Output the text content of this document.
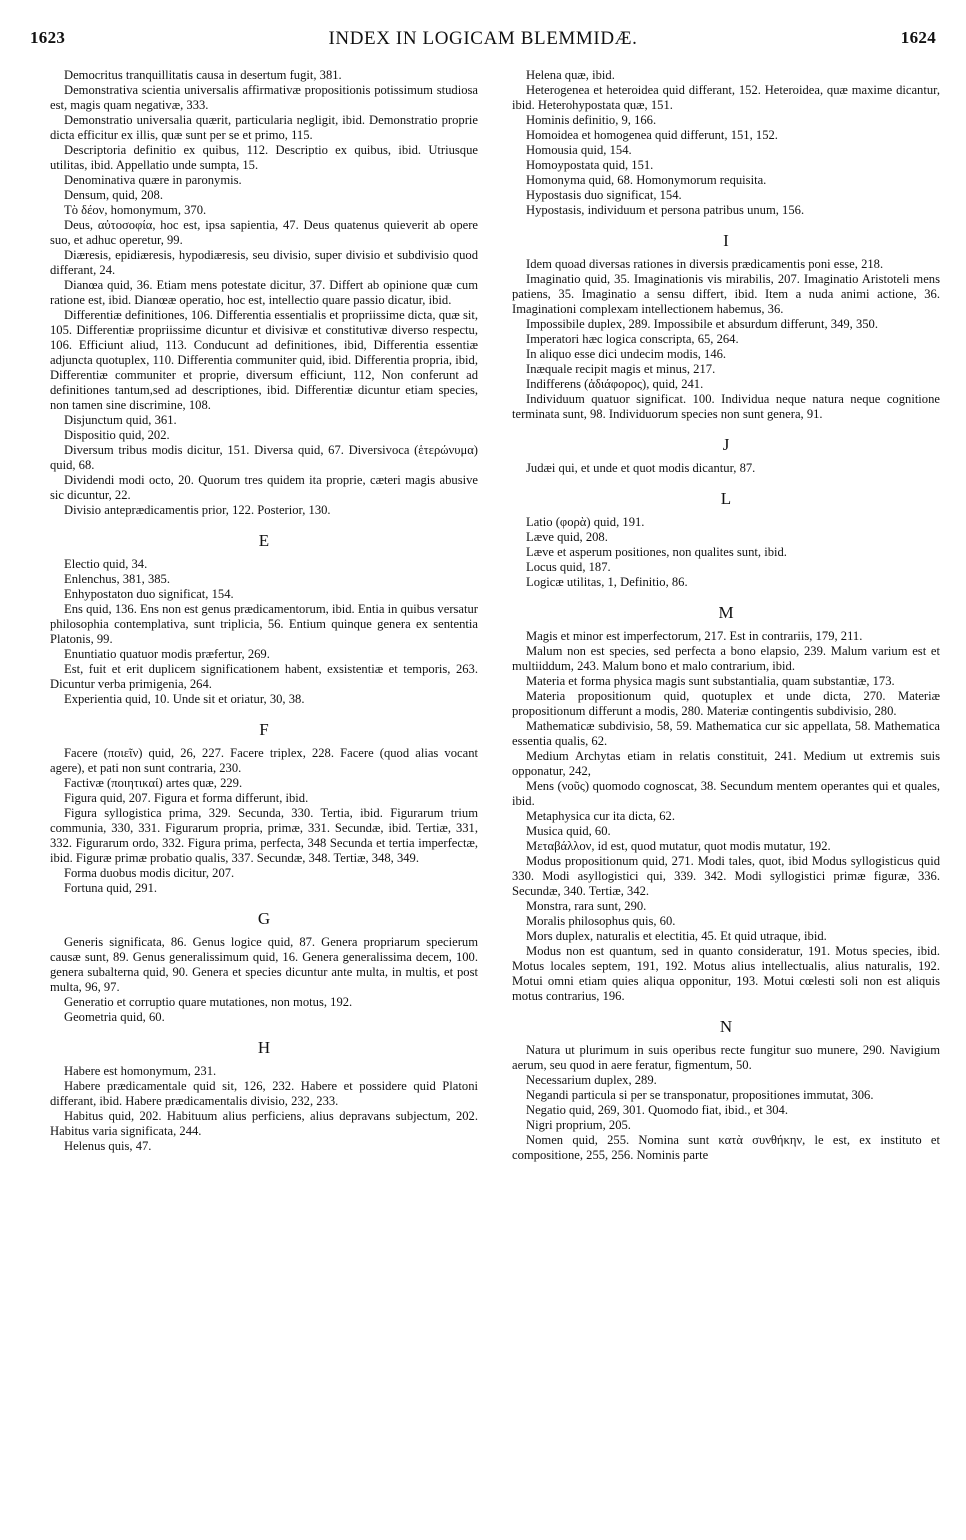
1623	INDEX IN LOGICAM BLEMMIDÆ.	1624

Democritus tranquillitatis causa in desertum fugit, 381.

Demonstrativa scientia universalis affirmativæ propositionis potissimum studiosa est, magis quam negativæ, 333.

Demonstratio universalia quærit, particularia negligit, ibid. Demonstratio proprie dicta efficitur ex illis, quæ sunt per se et primo, 115.

Descriptoria definitio ex quibus, 112. Descriptio ex quibus, ibid. Utriusque utilitas, ibid. Appellatio unde sumpta, 15.

Denominativa quære in paronymis.

Densum, quid, 208.

Τὸ δέον, homonymum, 370.

Deus, αὐτοσοφία, hoc est, ipsa sapientia, 47. Deus quatenus quieverit ab opere suo, et adhuc operetur, 99.

Diæresis, epidiæresis, hypodiæresis, seu divisio, super divisio et subdivisio quod differant, 24.

Dianœa quid, 36. Etiam mens potestate dicitur, 37. Differt ab opinione quæ cum ratione est, ibid. Dianœæ operatio, hoc est, intellectio quare passio dicatur, ibid.

Differentiæ definitiones, 106. Differentia essentialis et propriissime dicta, quæ sit, 105. Differentiæ propriissime dicuntur et divisivæ et constitutivæ diverso respectu, 106. Efficiunt aliud, 113. Conducunt ad definitiones, ibid, Differentia essentiæ adjuncta quotuplex, 110. Differentia communiter quid, ibid. Differentia propria, ibid, Differentiæ communiter et proprie, diversum efficiunt, 112, Non conferunt ad definitiones tantum,sed ad descriptiones, ibid. Differentiæ dicuntur etiam species, non tamen sine discrimine, 108.

Disjunctum quid, 361.

Dispositio quid, 202.

Diversum tribus modis dicitur, 151. Diversa quid, 67. Diversivoca (ἑτερώνυμα) quid, 68.

Dividendi modi octo, 20. Quorum tres quidem ita proprie, cæteri magis abusive sic dicuntur, 22.

Divisio anteprædicamentis prior, 122. Posterior, 130.

E

Electio quid, 34.

Enlenchus, 381, 385.

Enhypostaton duo significat, 154.

Ens quid, 136. Ens non est genus prædicamentorum, ibid. Entia in quibus versatur philosophia contemplativa, sunt triplicia, 56. Entium quinque genera ex sententia Platonis, 99.

Enuntiatio quatuor modis præfertur, 269.

Est, fuit et erit duplicem significationem habent, exsistentiæ et temporis, 263. Dicuntur verba primigenia, 264.

Experientia quid, 10. Unde sit et oriatur, 30, 38.

F

Facere (ποιεῖν) quid, 26, 227. Facere triplex, 228. Facere (quod alias vocant agere), et pati non sunt contraria, 230.

Factivæ (ποιητικαί) artes quæ, 229.

Figura quid, 207. Figura et forma differunt, ibid.

Figura syllogistica prima, 329. Secunda, 330. Tertia, ibid. Figurarum trium communia, 330, 331. Figurarum propria, primæ, 331. Secundæ, ibid. Tertiæ, 331, 332. Figurarum ordo, 332. Figura prima, perfecta, 348 Secunda et tertia imperfectæ, ibid. Figuræ primæ probatio qualis, 337. Secundæ, 348. Tertiæ, 348, 349.

Forma duobus modis dicitur, 207.

Fortuna quid, 291.

G

Generis significata, 86. Genus logice quid, 87. Genera propriarum specierum causæ sunt, 89. Genus generalissimum quid, 16. Genera generalissima decem, 100. genera subalterna quid, 90. Genera et species dicuntur ante multa, in multis, et post multa, 96, 97.

Generatio et corruptio quare mutationes, non motus, 192.

Geometria quid, 60.

H

Habere est homonymum, 231.

Habere prædicamentale quid sit, 126, 232. Habere et possidere quid Platoni differant, ibid. Habere prædicamentalis divisio, 232, 233.

Habitus quid, 202. Habituum alius perficiens, alius depravans subjectum, 202. Habitus varia significata, 244.

Helenus quis, 47.

Helena quæ, ibid.

Heterogenea et heteroidea quid differant, 152. Heteroidea, quæ maxime dicantur, ibid. Heterohypostata quæ, 151.

Hominis definitio, 9, 166.

Homoidea et homogenea quid differunt, 151, 152.

Homousia quid, 154.

Homoypostata quid, 151.

Homonyma quid, 68. Homonymorum requisita.

Hypostasis duo significat, 154.

Hypostasis, individuum et persona patribus unum, 156.

I

Idem quoad diversas rationes in diversis prædicamentis poni esse, 218.

Imaginatio quid, 35. Imaginationis vis mirabilis, 207. Imaginatio Aristoteli mens patiens, 35. Imaginatio a sensu differt, ibid. Item a nuda animi actione, 36. Imaginationi complexam intellectionem habemus, 36.

Impossibile duplex, 289. Impossibile et absurdum differunt, 349, 350.

Imperatori hæc logica conscripta, 65, 264.

In aliquo esse dici undecim modis, 146.

Inæquale recipit magis et minus, 217.

Indifferens (ἀδιάφορος), quid, 241.

Individuum quatuor significat. 100. Individua neque natura neque cognitione terminata sunt, 98. Individuorum species non sunt genera, 91.

J

Judæi qui, et unde et quot modis dicantur, 87.

L

Latio (φορὰ) quid, 191.

Læve quid, 208.

Læve et asperum positiones, non qualites sunt, ibid.

Locus quid, 187.

Logicæ utilitas, 1, Definitio, 86.

M

Magis et minor est imperfectorum, 217. Est in contrariis, 179, 211.

Malum non est species, sed perfecta a bono elapsio, 239. Malum varium est et multiiddum, 243. Malum bono et malo contrarium, ibid.

Materia et forma physica magis sunt substantialia, quam substantiæ, 173.

Materia propositionum quid, quotuplex et unde dicta, 270. Materiæ propositionum differunt a modis, 280. Materiæ contingentis subdivisio, 280.

Mathematicæ subdivisio, 58, 59. Mathematica cur sic appellata, 58. Mathematica essentia qualis, 62.

Medium Archytas etiam in relatis constituit, 241. Medium ut extremis suis opponatur, 242,

Mens (νοῦς) quomodo cognoscat, 38. Secundum mentem operantes qui et quales, ibid.

Metaphysica cur ita dicta, 62.

Musica quid, 60.

Μεταβάλλον, id est, quod mutatur, quot modis mutatur, 192.

Modus propositionum quid, 271. Modi tales, quot, ibid Modus syllogisticus quid 330. Modi asyllogistici qui, 339. 342. Modi syllogistici primæ figuræ, 336. Secundæ, 340. Tertiæ, 342.

Monstra, rara sunt, 290.

Moralis philosophus quis, 60.

Mors duplex, naturalis et electitia, 45. Et quid utraque, ibid.

Modus non est quantum, sed in quanto consideratur, 191. Motus species, ibid. Motus locales septem, 191, 192. Motus alius intellectualis, alius naturalis, 192. Motui omni etiam quies aliqua opponitur, 193. Motui cœlesti soli non est aliquis motus contrarius, 196.

N

Natura ut plurimum in suis operibus recte fungitur suo munere, 290. Navigium aerum, seu quod in aere feratur, figmentum, 50.

Necessarium duplex, 289.

Negandi particula si per se transponatur, propositiones immutat, 306.

Negatio quid, 269, 301. Quomodo fiat, ibid., et 304.

Nigri proprium, 205.

Nomen quid, 255. Nomina sunt κατὰ συνθήκην, le est, ex instituto et compositione, 255, 256. Nominis parte
